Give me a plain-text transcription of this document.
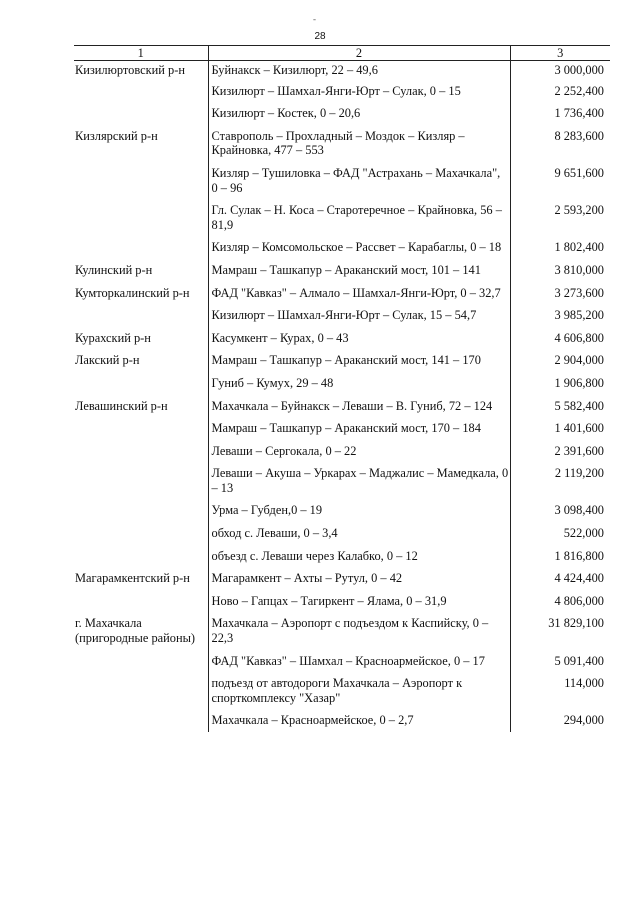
-
28
1	2	3
Кизилюртовский р-н	Буйнакск – Кизилюрт, 22 – 49,6	3 000,000
	Кизилюрт – Шамхал-Янги-Юрт – Сулак, 0 – 15	2 252,400
	Кизилюрт – Костек, 0 – 20,6	1 736,400
Кизлярский р-н	Ставрополь – Прохладный – Моздок – Кизляр – Крайновка, 477 – 553	8 283,600
	Кизляр – Тушиловка – ФАД "Астрахань – Махачкала", 0 – 96	9 651,600
	Гл. Сулак – Н. Коса – Старотеречное – Крайновка, 56 – 81,9	2 593,200
	Кизляр – Комсомольское – Рассвет – Карабаглы, 0 – 18	1 802,400
Кулинский р-н	Мамраш – Ташкапур – Араканский мост, 101 – 141	3 810,000
Кумторкалинский р-н	ФАД "Кавказ" – Алмало – Шамхал-Янги-Юрт, 0 – 32,7	3 273,600
	Кизилюрт – Шамхал-Янги-Юрт – Сулак, 15 – 54,7	3 985,200
Курахский р-н	Касумкент – Курах, 0 – 43	4 606,800
Лакский р-н	Мамраш – Ташкапур – Араканский мост, 141 – 170	2 904,000
	Гуниб – Кумух, 29 – 48	1 906,800
Левашинский р-н	Махачкала – Буйнакск – Леваши – В. Гуниб, 72 – 124	5 582,400
	Мамраш – Ташкапур – Араканский мост, 170 – 184	1 401,600
	Леваши – Сергокала, 0 – 22	2 391,600
	Леваши – Акуша – Уркарах – Маджалис – Мамедкала, 0 – 13	2 119,200
	Урма – Губден,0 – 19	3 098,400
	обход с. Леваши, 0 – 3,4	522,000
	объезд с. Леваши через Калабко, 0 – 12	1 816,800
Магарамкентский р-н	Магарамкент – Ахты – Рутул, 0 – 42	4 424,400
	Ново – Гапцах – Тагиркент – Ялама, 0 – 31,9	4 806,000
г. Махачкала (пригородные районы)	Махачкала – Аэропорт с подъездом к Каспийску, 0 – 22,3	31 829,100
	ФАД "Кавказ" – Шамхал – Красноармейское, 0 – 17	5 091,400
	подъезд от автодороги Махачкала – Аэропорт к спорткомплексу "Хазар"	114,000
	Махачкала – Красноармейское, 0 – 2,7	294,000
